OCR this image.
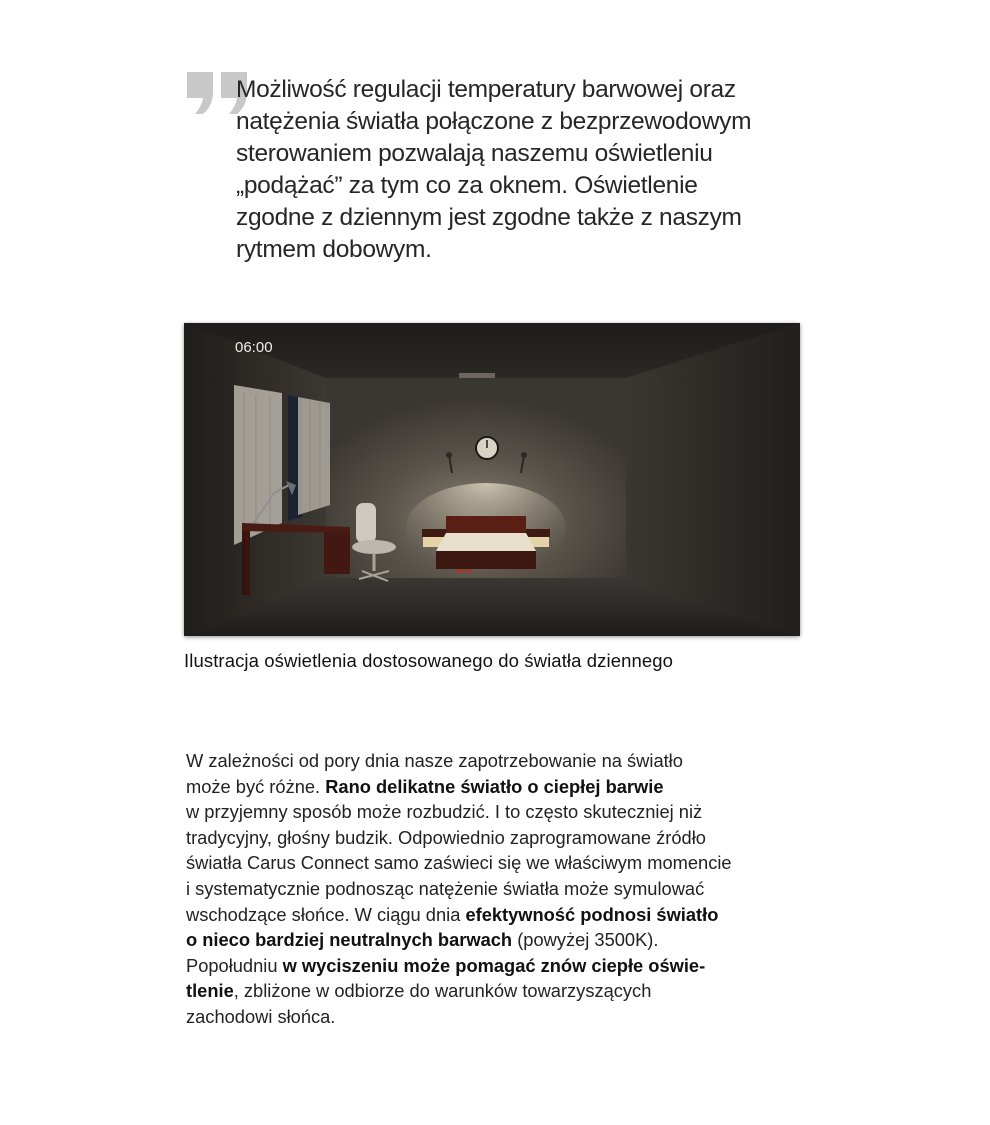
Możliwość regulacji temperatury barwowej oraz
natężenia światła połączone z bezprzewodowym
sterowaniem pozwalają naszemu oświetleniu
„podążać” za tym co za oknem. Oświetlenie
zgodne z dziennym jest zgodne także z naszym
rytmem dobowym.

06:00

Ilustracja oświetlenia dostosowanego do światła dziennego

W zależności od pory dnia nasze zapotrzebowanie na światło
może być różne. Rano delikatne światło o ciepłej barwie
w przyjemny sposób może rozbudzić. I to często skuteczniej niż
tradycyjny, głośny budzik. Odpowiednio zaprogramowane źródło
światła Carus Connect samo zaświeci się we właściwym momencie
i systematycznie podnosząc natężenie światła może symulować
wschodzące słońce. W ciągu dnia efektywność podnosi światło
o nieco bardziej neutralnych barwach (powyżej 3500K).
Popołudniu w wyciszeniu może pomagać znów ciepłe oświe-
tlenie, zbliżone w odbiorze do warunków towarzyszących
zachodowi słońca.
